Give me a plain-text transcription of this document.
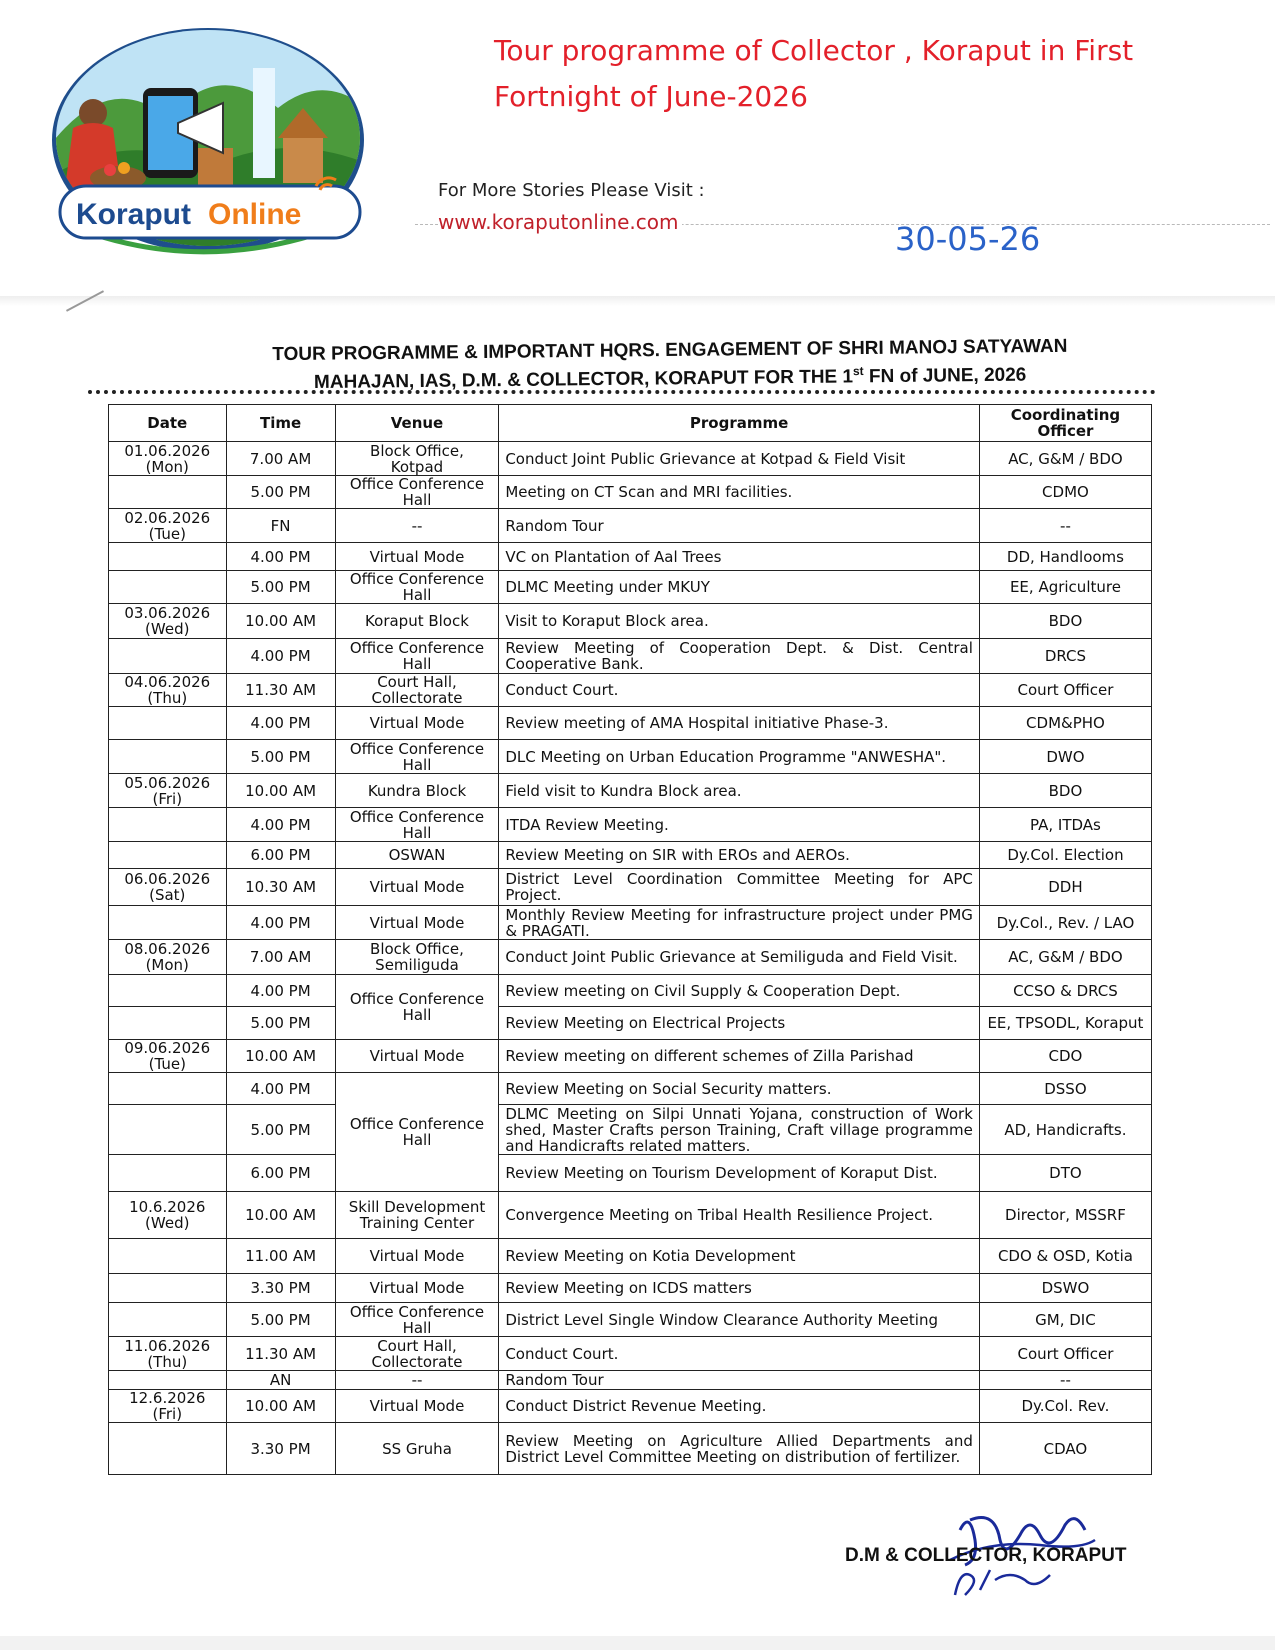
Koraput Online
Tour programme of Collector , Koraput in First
Fortnight of June-2026
For More Stories Please Visit :
www.koraputonline.com	30-05-26
TOUR PROGRAMME & IMPORTANT HQRS. ENGAGEMENT OF SHRI MANOJ SATYAWAN
MAHAJAN, IAS, D.M. & COLLECTOR, KORAPUT FOR THE 1st FN of JUNE, 2026
Date	Time	Venue	Programme	Coordinating Officer
01.06.2026 (Mon)	7.00 AM	Block Office, Kotpad	Conduct Joint Public Grievance at Kotpad & Field Visit	AC, G&M / BDO
	5.00 PM	Office Conference Hall	Meeting on CT Scan and MRI facilities.	CDMO
02.06.2026 (Tue)	FN	--	Random Tour	--
	4.00 PM	Virtual Mode	VC on Plantation of Aal Trees	DD, Handlooms
	5.00 PM	Office Conference Hall	DLMC Meeting under MKUY	EE, Agriculture
03.06.2026 (Wed)	10.00 AM	Koraput Block	Visit to Koraput Block area.	BDO
	4.00 PM	Office Conference Hall	Review Meeting of Cooperation Dept. & Dist. Central Cooperative Bank.	DRCS
04.06.2026 (Thu)	11.30 AM	Court Hall, Collectorate	Conduct Court.	Court Officer
	4.00 PM	Virtual Mode	Review meeting of AMA Hospital initiative Phase-3.	CDM&PHO
	5.00 PM	Office Conference Hall	DLC Meeting on Urban Education Programme "ANWESHA".	DWO
05.06.2026 (Fri)	10.00 AM	Kundra Block	Field visit to Kundra Block area.	BDO
	4.00 PM	Office Conference Hall	ITDA Review Meeting.	PA, ITDAs
	6.00 PM	OSWAN	Review Meeting on SIR with EROs and AEROs.	Dy.Col. Election
06.06.2026 (Sat)	10.30 AM	Virtual Mode	District Level Coordination Committee Meeting for APC Project.	DDH
	4.00 PM	Virtual Mode	Monthly Review Meeting for infrastructure project under PMG & PRAGATI.	Dy.Col., Rev. / LAO
08.06.2026 (Mon)	7.00 AM	Block Office, Semiliguda	Conduct Joint Public Grievance at Semiliguda and Field Visit.	AC, G&M / BDO
	4.00 PM	Office Conference Hall	Review meeting on Civil Supply & Cooperation Dept.	CCSO & DRCS
	5.00 PM		Review Meeting on Electrical Projects	EE, TPSODL, Koraput
09.06.2026 (Tue)	10.00 AM	Virtual Mode	Review meeting on different schemes of Zilla Parishad	CDO
	4.00 PM	Office Conference Hall	Review Meeting on Social Security matters.	DSSO
	5.00 PM		DLMC Meeting on Silpi Unnati Yojana, construction of Work shed, Master Crafts person Training, Craft village programme and Handicrafts related matters.	AD, Handicrafts.
	6.00 PM		Review Meeting on Tourism Development of Koraput Dist.	DTO
10.6.2026 (Wed)	10.00 AM	Skill Development Training Center	Convergence Meeting on Tribal Health Resilience Project.	Director, MSSRF
	11.00 AM	Virtual Mode	Review Meeting on Kotia Development	CDO & OSD, Kotia
	3.30 PM	Virtual Mode	Review Meeting on ICDS matters	DSWO
	5.00 PM	Office Conference Hall	District Level Single Window Clearance Authority Meeting	GM, DIC
11.06.2026 (Thu)	11.30 AM	Court Hall, Collectorate	Conduct Court.	Court Officer
	AN	--	Random Tour	--
12.6.2026 (Fri)	10.00 AM	Virtual Mode	Conduct District Revenue Meeting.	Dy.Col. Rev.
	3.30 PM	SS Gruha	Review Meeting on Agriculture Allied Departments and District Level Committee Meeting on distribution of fertilizer.	CDAO
D.M & COLLECTOR, KORAPUT
